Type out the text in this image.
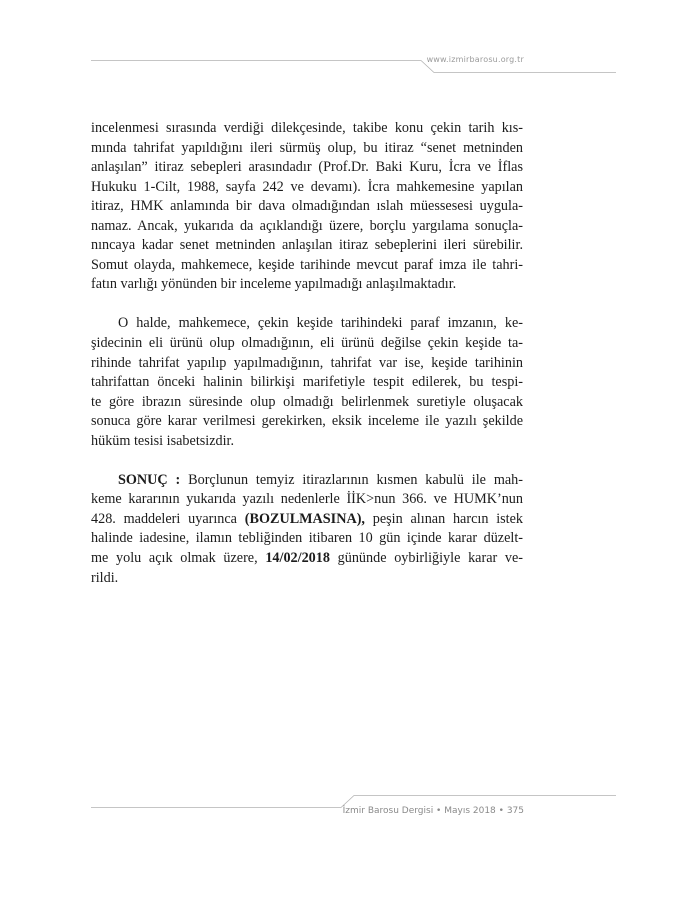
www.izmirbarosu.org.tr

incelenmesi sırasında verdiği dilekçesinde, takibe konu çekin tarih kıs-
mında tahrifat yapıldığını ileri sürmüş olup, bu itiraz “senet metninden
anlaşılan” itiraz sebepleri arasındadır (Prof.Dr. Baki Kuru, İcra ve İflas
Hukuku 1-Cilt, 1988, sayfa 242 ve devamı). İcra mahkemesine yapılan
itiraz, HMK anlamında bir dava olmadığından ıslah müessesesi uygula-
namaz. Ancak, yukarıda da açıklandığı üzere, borçlu yargılama sonuçla-
nıncaya kadar senet metninden anlaşılan itiraz sebeplerini ileri sürebilir.
Somut olayda, mahkemece, keşide tarihinde mevcut paraf imza ile tahri-
fatın varlığı yönünden bir inceleme yapılmadığı anlaşılmaktadır.

O halde, mahkemece, çekin keşide tarihindeki paraf imzanın, ke-
şidecinin eli ürünü olup olmadığının, eli ürünü değilse çekin keşide ta-
rihinde tahrifat yapılıp yapılmadığının, tahrifat var ise, keşide tarihinin
tahrifattan önceki halinin bilirkişi marifetiyle tespit edilerek, bu tespi-
te göre ibrazın süresinde olup olmadığı belirlenmek suretiyle oluşacak
sonuca göre karar verilmesi gerekirken, eksik inceleme ile yazılı şekilde
hüküm tesisi isabetsizdir.

SONUÇ : Borçlunun temyiz itirazlarının kısmen kabulü ile mah-
keme kararının yukarıda yazılı nedenlerle İİK>nun 366. ve HUMK’nun
428. maddeleri uyarınca (BOZULMASINA), peşin alınan harcın istek
halinde iadesine, ilamın tebliğinden itibaren 10 gün içinde karar düzelt-
me yolu açık olmak üzere, 14/02/2018 gününde oybirliğiyle karar ve-
rildi.

İzmir Barosu Dergisi • Mayıs 2018 • 375
